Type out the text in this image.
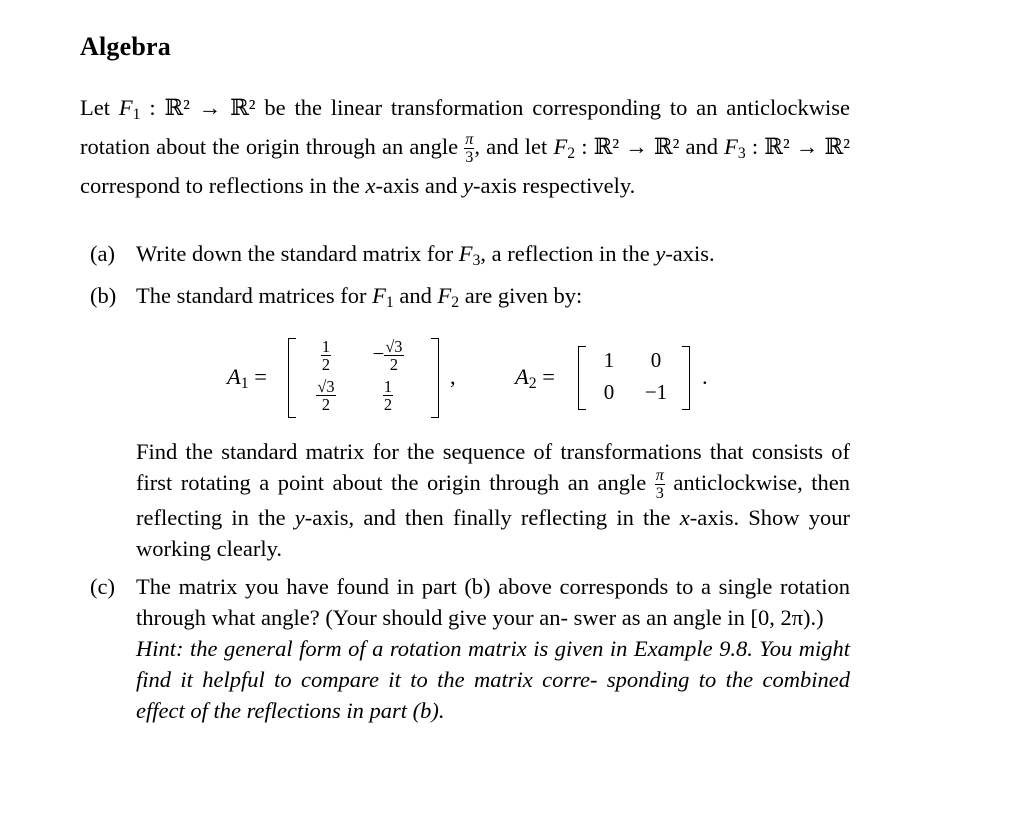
Algebra
Let $F_1$ : ℝ² → ℝ² be the linear transformation corresponding to an anticlockwise rotation about the origin through an angle $\frac{\pi}{3}$ , and let $F_2$ : ℝ² → ℝ² and $F_3$ : ℝ² → ℝ² correspond to reflections in the x-axis and y-axis respectively.
(a) Write down the standard matrix for $F_3$, a reflection in the y-axis.
(b) The standard matrices for $F_1$ and $F_2$ are given by:
$A_1$ =
$\frac{1}{2}$	− $\frac{√3}{2}$
$\frac{√3}{2}$	$\frac{1}{2}$
,	$A_2$ =
1	0
0	−1
.
Find the standard matrix for the sequence of transformations that consists of first rotating a point about the origin through an angle $\frac{\pi}{3}$ anticlockwise, then reflecting in the y-axis, and then finally reflecting in the x-axis. Show your working clearly.
(c) The matrix you have found in part (b) above corresponds to a single rotation through what angle? (Your should give your an- swer as an angle in [0, 2π).)
Hint: the general form of a rotation matrix is given in Example 9.8. You might find it helpful to compare it to the matrix corre- sponding to the combined effect of the reflections in part (b).
